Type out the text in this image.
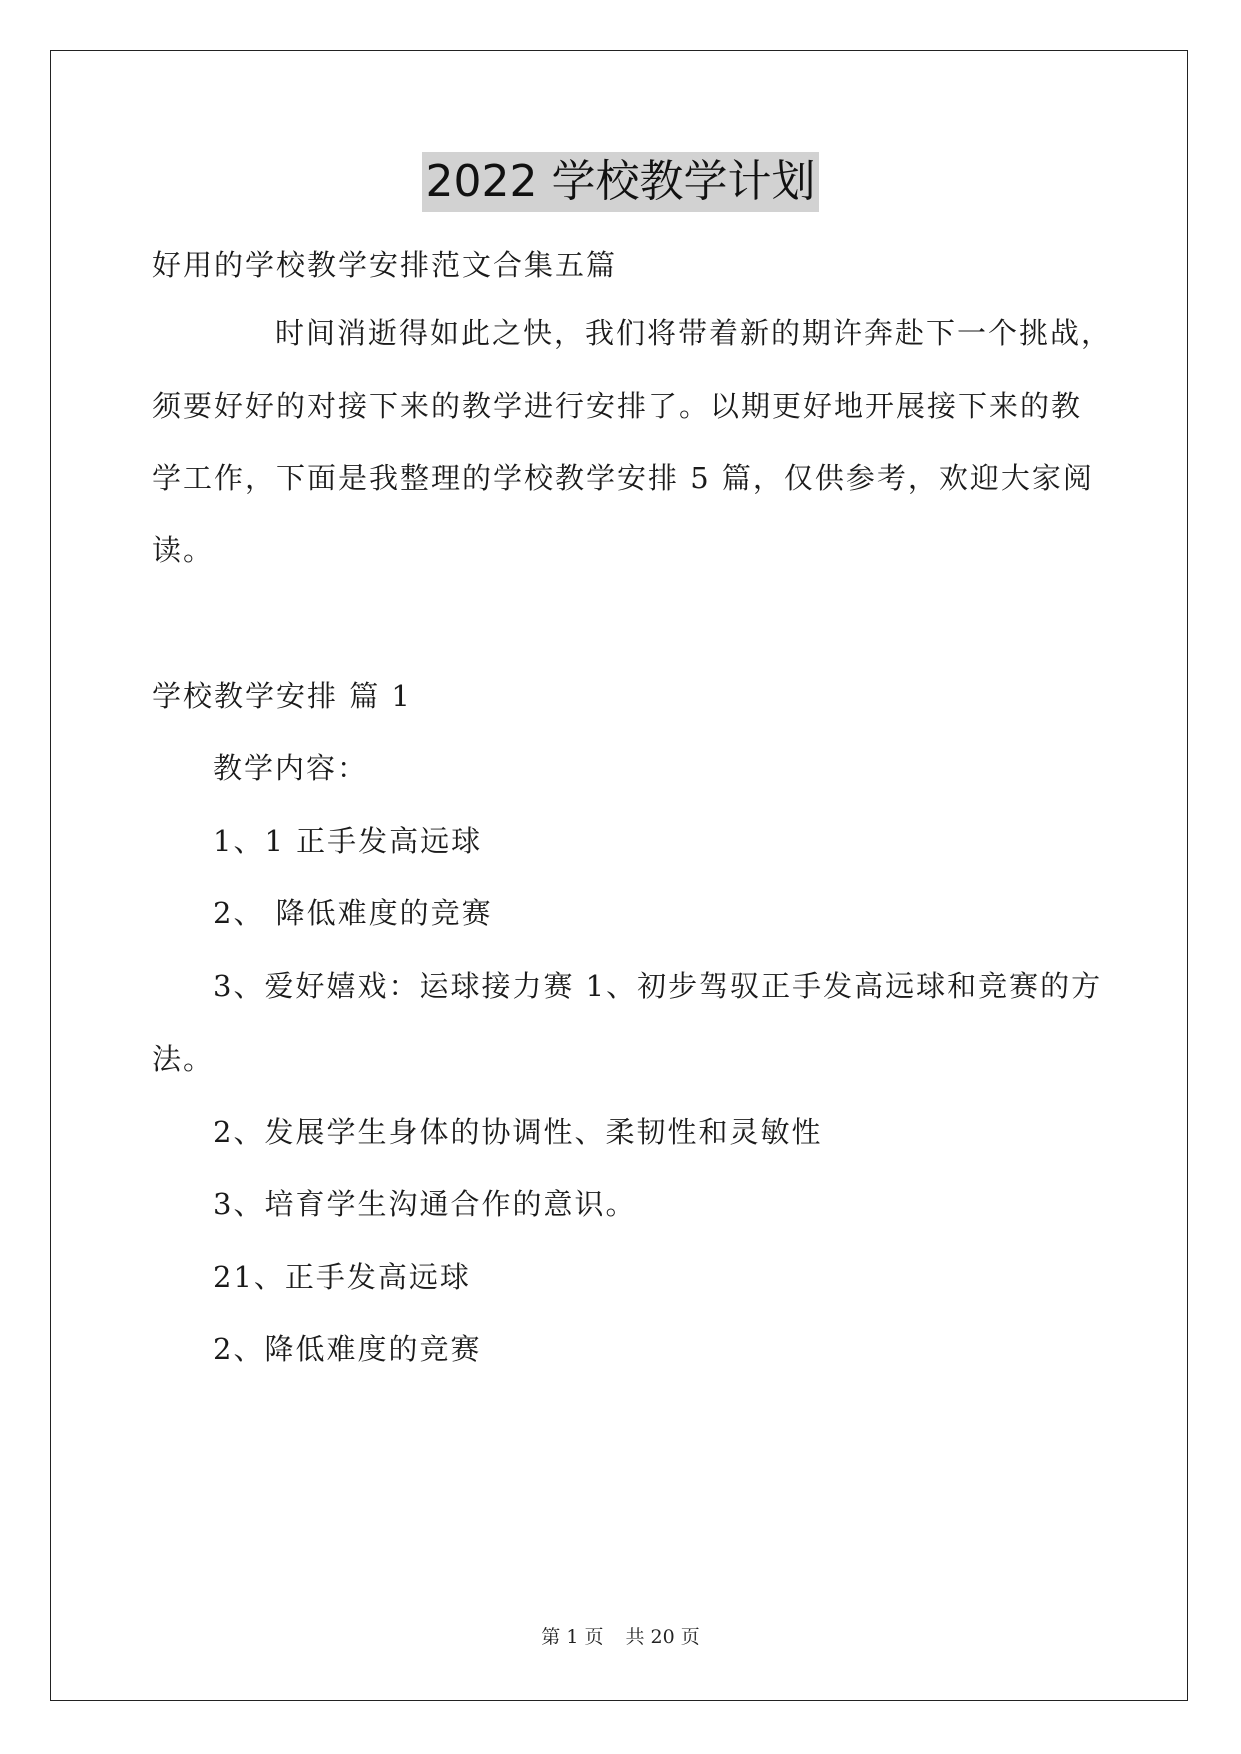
2022 学校教学计划
好用的学校教学安排范文合集五篇
时间消逝得如此之快，我们将带着新的期许奔赴下一个挑战，
须要好好的对接下来的教学进行安排了。以期更好地开展接下来的教
学工作，下面是我整理的学校教学安排 5 篇，仅供参考，欢迎大家阅
读。
学校教学安排 篇 1
教学内容：
1、1 正手发高远球
2、 降低难度的竞赛
3、爱好嬉戏：运球接力赛 1、初步驾驭正手发高远球和竞赛的方
法。
2、发展学生身体的协调性、柔韧性和灵敏性
3、培育学生沟通合作的意识。
21、正手发高远球
2、降低难度的竞赛
第 1 页 共 20 页
